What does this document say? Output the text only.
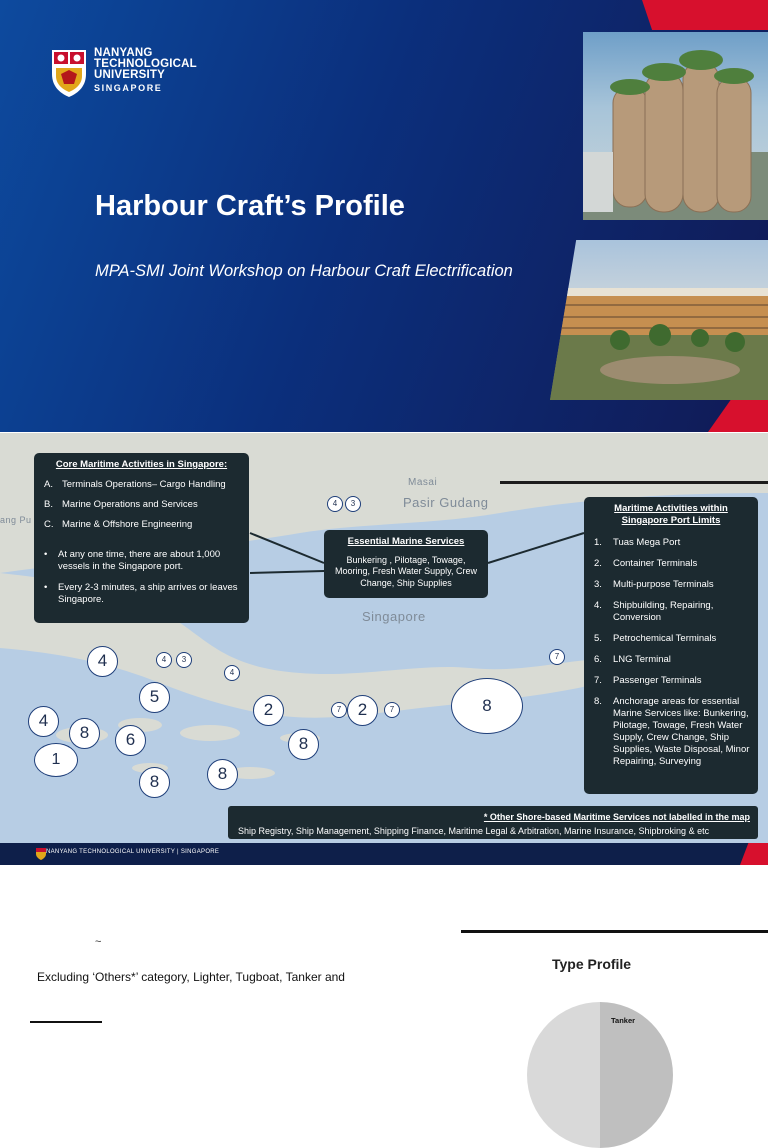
NANYANG
TECHNOLOGICAL
UNIVERSITY
SINGAPORE
Harbour Craft’s Profile
MPA-SMI Joint Workshop on Harbour Craft Electrification
Masai
Pasir Gudang
Singapore
ang Pu
Core Maritime Activities in Singapore:
A. Terminals Operations– Cargo Handling
B. Marine Operations and Services
C. Marine & Offshore Engineering
• At any one time, there are about 1,000 vessels in the Singapore port.
• Every 2-3 minutes, a ship arrives or leaves Singapore.
Essential Marine Services
Bunkering , Pilotage, Towage, Mooring, Fresh Water Supply, Crew Change, Ship Supplies
Maritime Activities within Singapore Port Limits
1. Tuas Mega Port
2. Container Terminals
3. Multi-purpose Terminals
4. Shipbuilding, Repairing, Conversion
5. Petrochemical Terminals
6. LNG Terminal
7. Passenger Terminals
8. Anchorage areas for essential Marine Services like: Bunkering, Pilotage, Towage, Fresh Water Supply, Crew Change, Ship Supplies, Waste Disposal, Minor Repairing, Surveying
* Other Shore-based Maritime Services not labelled in the map
Ship Registry, Ship Management, Shipping Finance, Maritime Legal & Arbitration, Marine Insurance, Shipbroking & etc
4	3
4	4	3
4
5
4
8	6
1
8	8
2
8
7 2	7
7
8
NANYANG TECHNOLOGICAL UNIVERSITY | SINGAPORE
~
Excluding ‘Others*’ category, Lighter, Tugboat, Tanker and
Type Profile
Tanker
